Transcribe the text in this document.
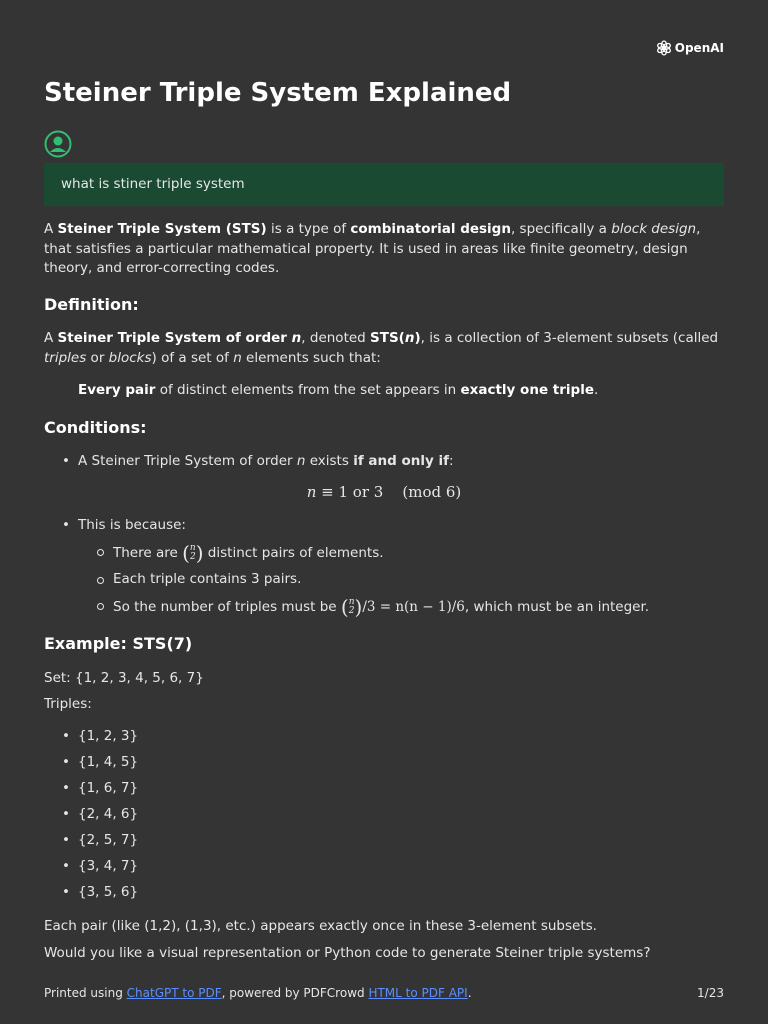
OpenAI
Steiner Triple System Explained
what is stiner triple system
A Steiner Triple System (STS) is a type of combinatorial design, specifically a block design, that satisfies a particular mathematical property. It is used in areas like finite geometry, design theory, and error-correcting codes.
Definition:
A Steiner Triple System of order n, denoted STS(n), is a collection of 3-element subsets (called triples or blocks) of a set of n elements such that:
Every pair of distinct elements from the set appears in exactly one triple.
Conditions:
• A Steiner Triple System of order n exists if and only if:
n ≡ 1 or 3 (mod 6)
• This is because:
There are ( n
2 ) distinct pairs of elements.
Each triple contains 3 pairs.
So the number of triples must be ( n
2 ) /3 = n(n − 1)/6, which must be an integer.
Example: STS(7)
Set: {1, 2, 3, 4, 5, 6, 7}
Triples:
• {1, 2, 3}
• {1, 4, 5}
• {1, 6, 7}
• {2, 4, 6}
• {2, 5, 7}
• {3, 4, 7}
• {3, 5, 6}
Each pair (like (1,2), (1,3), etc.) appears exactly once in these 3-element subsets.
Would you like a visual representation or Python code to generate Steiner triple systems?
Printed using ChatGPT to PDF, powered by PDFCrowd HTML to PDF API.	1/23
